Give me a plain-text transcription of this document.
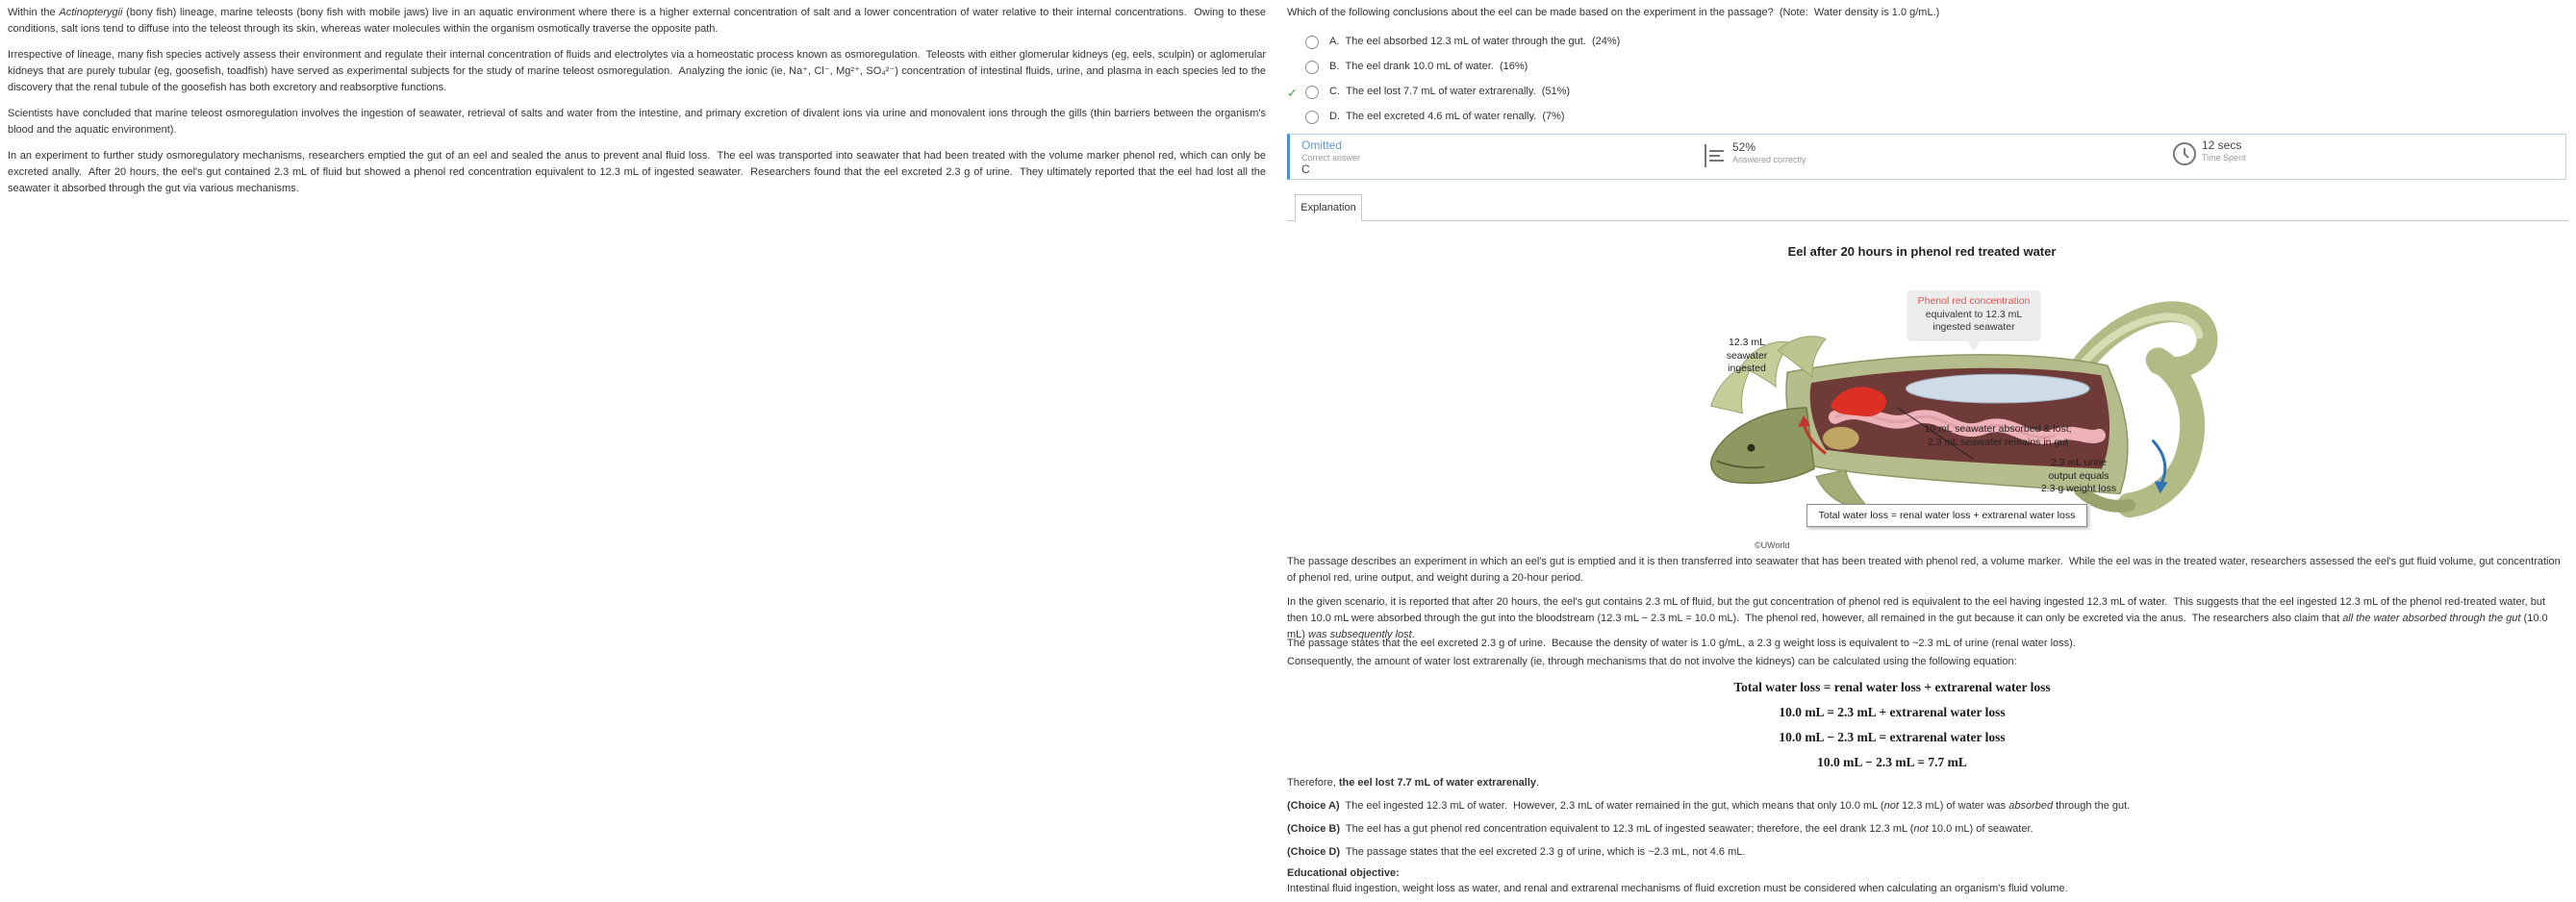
Within the Actinopterygii (bony fish) lineage, marine teleosts (bony fish with mobile jaws) live in an aquatic environment where there is a higher external concentration of salt and a lower concentration of water relative to their internal concentrations.  Owing to these conditions, salt ions tend to diffuse into the teleost through its skin, whereas water molecules within the organism osmotically traverse the opposite path.

Irrespective of lineage, many fish species actively assess their environment and regulate their internal concentration of fluids and electrolytes via a homeostatic process known as osmoregulation.  Teleosts with either glomerular kidneys (eg, eels, sculpin) or aglomerular kidneys that are purely tubular (eg, goosefish, toadfish) have served as experimental subjects for the study of marine teleost osmoregulation.  Analyzing the ionic (ie, Na⁺, Cl⁻, Mg²⁺, SO₄²⁻) concentration of intestinal fluids, urine, and plasma in each species led to the discovery that the renal tubule of the goosefish has both excretory and reabsorptive functions.

Scientists have concluded that marine teleost osmoregulation involves the ingestion of seawater, retrieval of salts and water from the intestine, and primary excretion of divalent ions via urine and monovalent ions through the gills (thin barriers between the organism's blood and the aquatic environment).

In an experiment to further study osmoregulatory mechanisms, researchers emptied the gut of an eel and sealed the anus to prevent anal fluid loss.  The eel was transported into seawater that had been treated with the volume marker phenol red, which can only be excreted anally.  After 20 hours, the eel's gut contained 2.3 mL of fluid but showed a phenol red concentration equivalent to 12.3 mL of ingested seawater.  Researchers found that the eel excreted 2.3 g of urine.  They ultimately reported that the eel had lost all the seawater it absorbed through the gut via various mechanisms.

Which of the following conclusions about the eel can be made based on the experiment in the passage?  (Note:  Water density is 1.0 g/mL.)
A. The eel absorbed 12.3 mL of water through the gut. (24%)
B. The eel drank 10.0 mL of water. (16%)
✓	C. The eel lost 7.7 mL of water extrarenally. (51%)
D. The eel excreted 4.6 mL of water renally. (7%)
Omitted
Correct answer
C
52%
Answered correctly
12 secs
Time Spent
Explanation
Eel after 20 hours in phenol red treated water
Phenol red concentration
equivalent to 12.3 mL
ingested seawater
12.3 mL
seawater
ingested
10 mL seawater absorbed & lost;
2.3 mL seawater remains in gut
2.3 mL urine
output equals
2.3 g weight loss
Total water loss = renal water loss + extrarenal water loss
©UWorld
The passage describes an experiment in which an eel's gut is emptied and it is then transferred into seawater that has been treated with phenol red, a volume marker.  While the eel was in the treated water, researchers assessed the eel's gut fluid volume, gut concentration of phenol red, urine output, and weight during a 20-hour period.
In the given scenario, it is reported that after 20 hours, the eel's gut contains 2.3 mL of fluid, but the gut concentration of phenol red is equivalent to the eel having ingested 12.3 mL of water.  This suggests that the eel ingested 12.3 mL of the phenol red-treated water, but then 10.0 mL were absorbed through the gut into the bloodstream (12.3 mL − 2.3 mL = 10.0 mL).  The phenol red, however, all remained in the gut because it can only be excreted via the anus.  The researchers also claim that all the water absorbed through the gut (10.0 mL) was subsequently lost.
The passage states that the eel excreted 2.3 g of urine.  Because the density of water is 1.0 g/mL, a 2.3 g weight loss is equivalent to ~2.3 mL of urine (renal water loss).
Consequently, the amount of water lost extrarenally (ie, through mechanisms that do not involve the kidneys) can be calculated using the following equation:
Total water loss = renal water loss + extrarenal water loss
10.0 mL = 2.3 mL + extrarenal water loss
10.0 mL − 2.3 mL = extrarenal water loss
10.0 mL − 2.3 mL = 7.7 mL
Therefore, the eel lost 7.7 mL of water extrarenally.
(Choice A)  The eel ingested 12.3 mL of water.  However, 2.3 mL of water remained in the gut, which means that only 10.0 mL (not 12.3 mL) of water was absorbed through the gut.
(Choice B)  The eel has a gut phenol red concentration equivalent to 12.3 mL of ingested seawater; therefore, the eel drank 12.3 mL (not 10.0 mL) of seawater.
(Choice D)  The passage states that the eel excreted 2.3 g of urine, which is ~2.3 mL, not 4.6 mL.
Educational objective:
Intestinal fluid ingestion, weight loss as water, and renal and extrarenal mechanisms of fluid excretion must be considered when calculating an organism's fluid volume.
